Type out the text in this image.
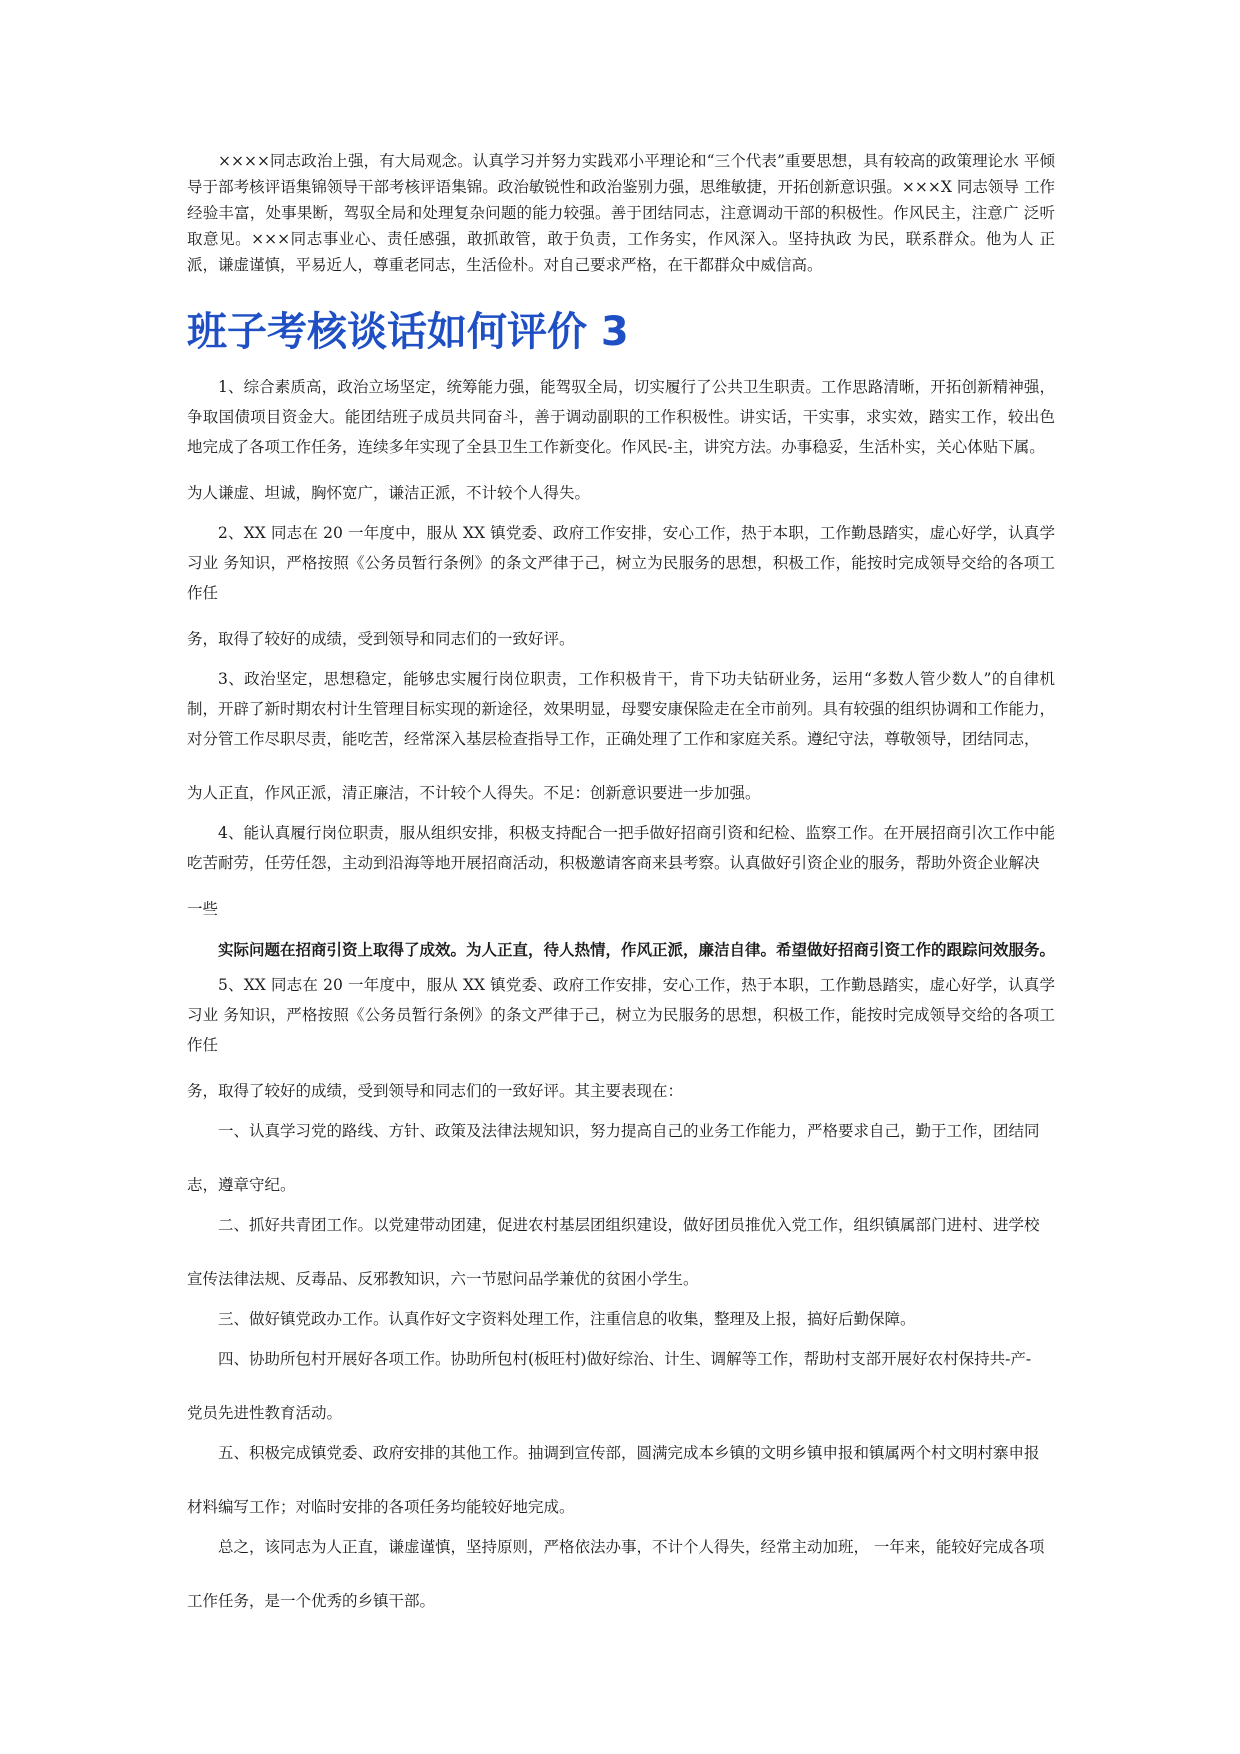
××××同志政治上强，有大局观念。认真学习并努力实践邓小平理论和“三个代表”重要思想，具有较高的政策理论水 平倾导于部考核评语集锦领导干部考核评语集锦。政治敏锐性和政治鉴别力强，思维敏捷，开拓创新意识强。×××X 同志领导 工作经验丰富，处事果断，驾驭全局和处理复杂问题的能力较强。善于团结同志，注意调动干部的积极性。作风民主，注意广 泛听取意见。×××同志事业心、责任感强，敢抓敢管，敢于负责，工作务实，作风深入。坚持执政 为民，联系群众。他为人 正派，谦虚谨慎，平易近人，尊重老同志，生活俭朴。对自己要求严格，在干都群众中威信高。

班子考核谈话如何评价 3

1、综合素质高，政治立场坚定，统筹能力强，能驾驭全局，切实履行了公共卫生职责。工作思路清晰，开拓创新精神强， 争取国债项目资金大。能团结班子成员共同奋斗，善于调动副职的工作积极性。讲实话，干实事，求实效，踏实工作，较出色 地完成了各项工作任务，连续多年实现了全县卫生工作新变化。作风民-主，讲究方法。办事稳妥，生活朴实，关心体贴下属。

为人谦虚、坦诚，胸怀宽广，谦洁正派，不计较个人得失。

2、XX 同志在 20 一年度中，服从 XX 镇党委、政府工作安排，安心工作，热于本职，工作勤恳踏实，虚心好学，认真学习业 务知识，严格按照《公务员暂行条例》的条文严律于己，树立为民服务的思想，积极工作，能按时完成领导交给的各项工作任

务，取得了较好的成绩，受到领导和同志们的一致好评。

3、政治坚定，思想稳定，能够忠实履行岗位职责，工作积极肯干，肯下功夫钻研业务，运用“多数人管少数人”的自律机制，开辟了新时期农村计生管理目标实现的新途径，效果明显，母婴安康保险走在全市前列。具有较强的组织协调和工作能力， 对分管工作尽职尽责，能吃苦，经常深入基层检查指导工作，正确处理了工作和家庭关系。遵纪守法，尊敬领导，团结同志，

为人正直，作风正派，清正廉洁，不计较个人得失。不足：创新意识要进一步加强。

4、能认真履行岗位职责，服从组织安排，积极支持配合一把手做好招商引资和纪检、监察工作。在开展招商引次工作中能 吃苦耐劳，任劳任怨，主动到沿海等地开展招商活动，积极邀请客商来县考察。认真做好引资企业的服务，帮助外资企业解决

一些

实际问题在招商引资上取得了成效。为人正直，待人热情，作风正派，廉洁自律。希望做好招商引资工作的跟踪问效服务。

5、XX 同志在 20 一年度中，服从 XX 镇党委、政府工作安排，安心工作，热于本职，工作勤恳踏实，虚心好学，认真学习业 务知识，严格按照《公务员暂行条例》的条文严律于己，树立为民服务的思想，积极工作，能按时完成领导交给的各项工作任

务，取得了较好的成绩，受到领导和同志们的一致好评。其主要表现在：

一、认真学习党的路线、方针、政策及法律法规知识，努力提高自己的业务工作能力，严格要求自己，勤于工作，团结同

志，遵章守纪。

二、抓好共青团工作。以党建带动团建，促进农村基层团组织建设，做好团员推优入党工作，组织镇属部门进村、进学校

宣传法律法规、反毒品、反邪教知识，六一节慰问品学兼优的贫困小学生。

三、做好镇党政办工作。认真作好文字资料处理工作，注重信息的收集，整理及上报，搞好后勤保障。

四、协助所包村开展好各项工作。协助所包村(板旺村)做好综治、计生、调解等工作，帮助村支部开展好农村保持共-产-

党员先进性教育活动。

五、积极完成镇党委、政府安排的其他工作。抽调到宣传部，圆满完成本乡镇的文明乡镇申报和镇属两个村文明村寨申报

材料编写工作；对临时安排的各项任务均能较好地完成。

总之，该同志为人正直，谦虚谨慎，坚持原则，严格依法办事，不计个人得失，经常主动加班， 一年来，能较好完成各项

工作任务，是一个优秀的乡镇干部。
